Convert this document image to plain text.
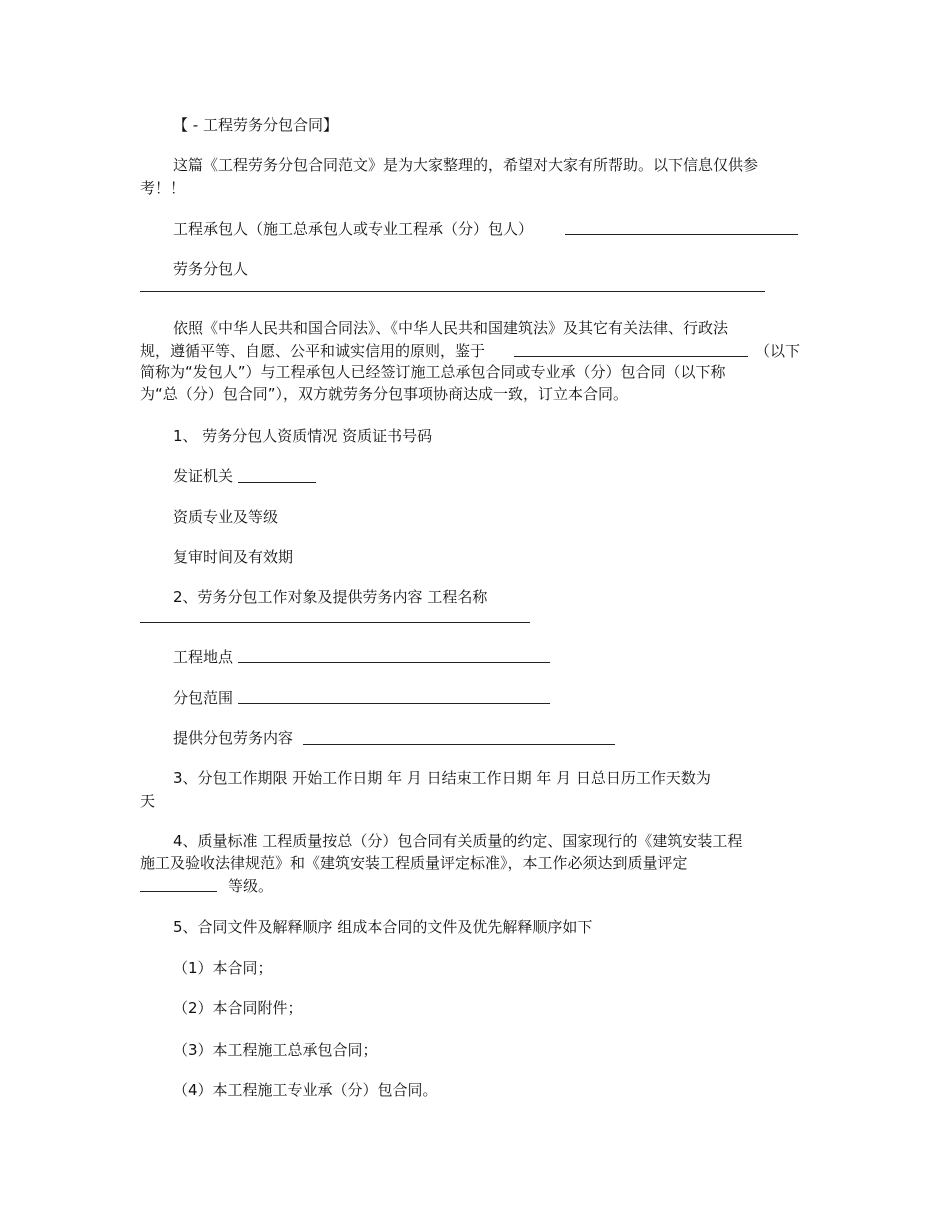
【 - 工程劳务分包合同】
这篇《工程劳务分包合同范文》是为大家整理的，希望对大家有所帮助。以下信息仅供参
考！！
工程承包人（施工总承包人或专业工程承（分）包人）
劳务分包人
依照《中华人民共和国合同法》、《中华人民共和国建筑法》及其它有关法律、行政法
规，遵循平等、自愿、公平和诚实信用的原则，鉴于	（以下
简称为“发包人”）与工程承包人已经签订施工总承包合同或专业承（分）包合同（以下称
为“总（分）包合同”），双方就劳务分包事项协商达成一致，订立本合同。
1、 劳务分包人资质情况 资质证书号码
发证机关
资质专业及等级
复审时间及有效期
2、劳务分包工作对象及提供劳务内容 工程名称
工程地点
分包范围
提供分包劳务内容
3、分包工作期限 开始工作日期 年 月 日结束工作日期 年 月 日总日历工作天数为
天
4、质量标准 工程质量按总（分）包合同有关质量的约定、国家现行的《建筑安装工程
施工及验收法律规范》和《建筑安装工程质量评定标准》，本工作必须达到质量评定
等级。
5、合同文件及解释顺序 组成本合同的文件及优先解释顺序如下
（1）本合同；
（2）本合同附件；
（3）本工程施工总承包合同；
（4）本工程施工专业承（分）包合同。
